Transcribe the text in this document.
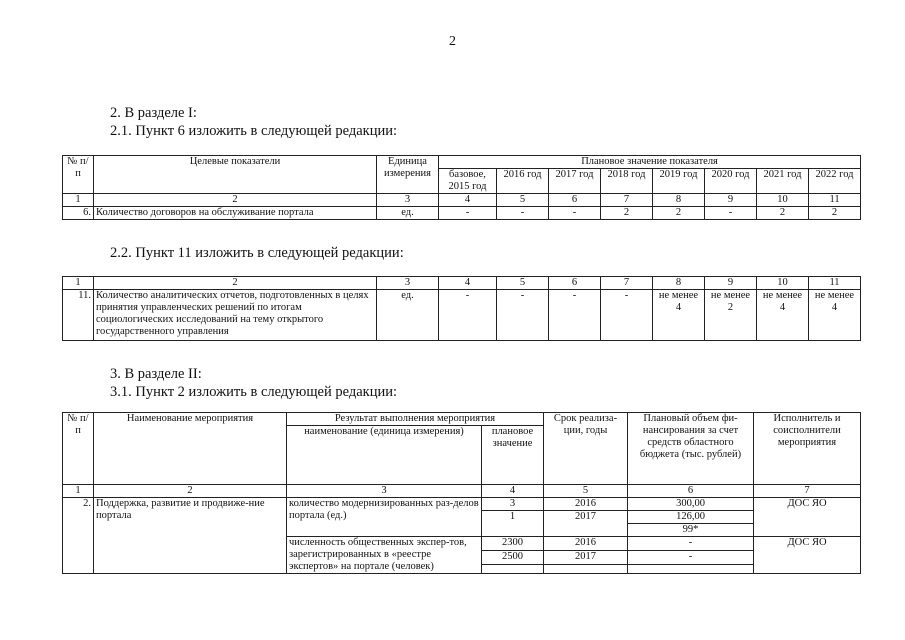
2
2. В разделе I:
2.1. Пункт 6 изложить в следующей редакции:
№ п/п	Целевые показатели	Единица измерения	Плановое значение показателя							
			базовое, 2015 год	2016 год	2017 год	2018 год	2019 год	2020 год	2021 год	2022 год
1	2	3	4	5	6	7	8	9	10	11
6.	Количество договоров на обслуживание портала	ед.	-	-	-	2	2	-	2	2
2.2. Пункт 11 изложить в следующей редакции:
1	2	3	4	5	6	7	8	9	10	11
11.	Количество аналитических отчетов, подготовленных в целях принятия управленческих решений по итогам социологических исследований на тему открытого государственного управления	ед.	-	-	-	-	не менее 4	не менее 2	не менее 4	не менее 4
3. В разделе II:
3.1. Пункт 2 изложить в следующей редакции:
№ п/п	Наименование мероприятия	Результат выполнения мероприятия		Срок реализа-ции, годы	Плановый объем фи-нансирования за счет средств областного бюджета (тыс. рублей)	Исполнитель и соисполнители мероприятия
		наименование (единица измерения)	плановое значение			
1	2	3	4	5	6	7
2.	Поддержка, развитие и продвиже-ние портала	количество модернизированных раз-делов портала (ед.)	3	2016	300,00	ДОС ЯО
			1	2017	126,00	
					99*	
		численность общественных экспер-тов, зарегистрированных в «реестре экспертов» на портале (человек)	2300	2016	-	ДОС ЯО
			2500	2017	-	
